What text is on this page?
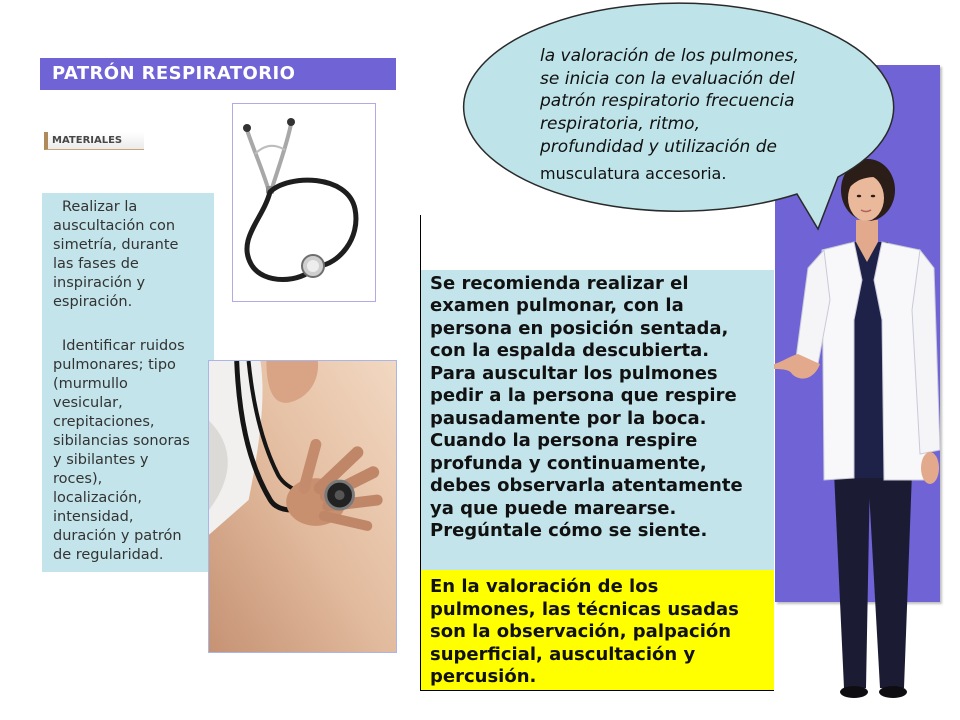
PATRÓN RESPIRATORIO
MATERIALES
Realizar la
auscultación con
simetría, durante
las fases de
inspiración y
espiración.
Identificar ruidos
pulmonares; tipo
(murmullo
vesicular,
crepitaciones,
sibilancias sonoras
y sibilantes y
roces),
localización,
intensidad,
duración y patrón
de regularidad.
Se recomienda realizar el
examen pulmonar, con la
persona en posición sentada,
con la espalda descubierta.
Para auscultar los pulmones
pedir a la persona que respire
pausadamente por la boca.
Cuando la persona respire
profunda y continuamente,
debes observarla atentamente
ya que puede marearse.
Pregúntale cómo se siente.
En la valoración de los
pulmones, las técnicas usadas
son la observación, palpación
superficial, auscultación y
percusión.
la valoración de los pulmones,
se inicia con la evaluación del
patrón respiratorio frecuencia
respiratoria, ritmo,
profundidad y utilización de
musculatura accesoria.
